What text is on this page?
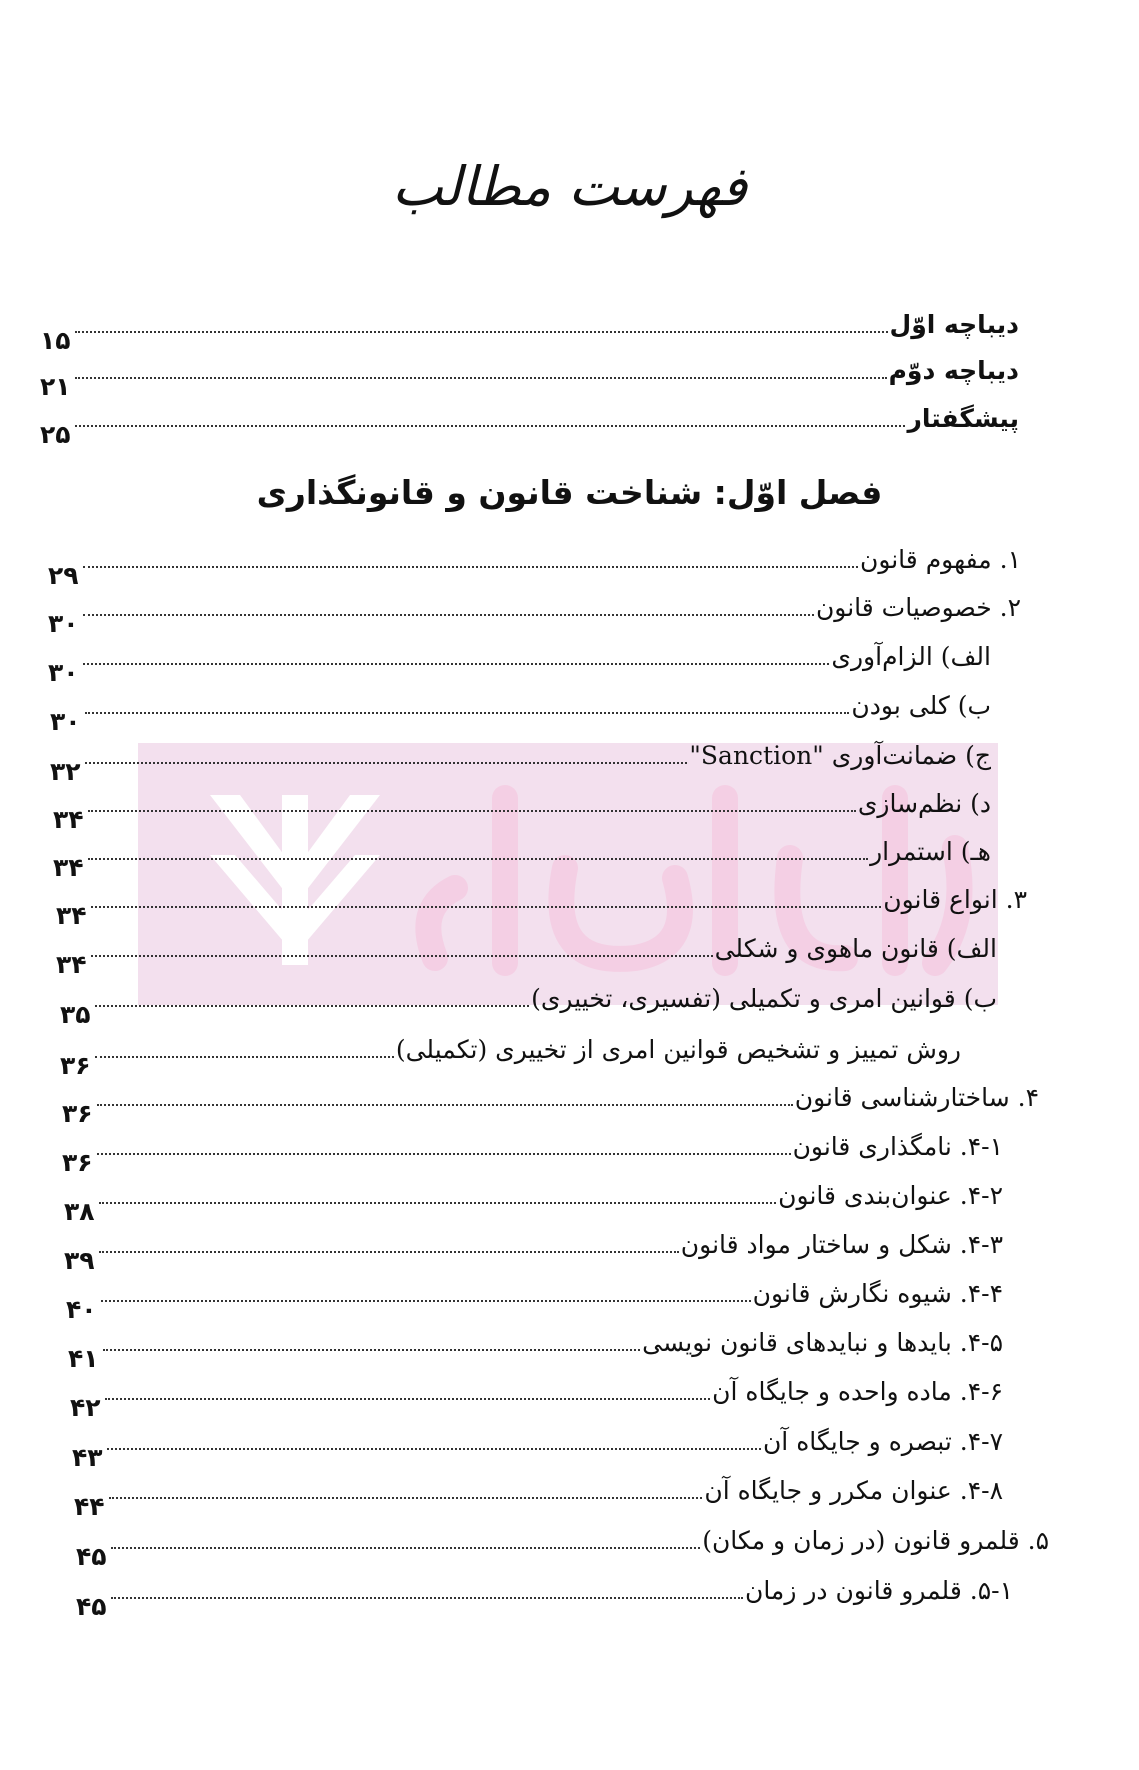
فهرست مطالب
دیباچه اوّل
۱۵
دیباچه دوّم
۲۱
پیشگفتار
۲۵
فصل اوّل: شناخت قانون و قانونگذاری
۱. مفهوم قانون
۲۹
۲. خصوصیات قانون
۳۰
الف) الزام‌آوری
۳۰
ب) کلی بودن
۳۰
ج) ضمانت‌آوری "Sanction"
۳۲
د) نظم‌سازی
۳۴
هـ) استمرار
۳۴
۳. انواع قانون
۳۴
الف) قانون ماهوی و شکلی
۳۴
ب) قوانین امری و تکمیلی (تفسیری، تخییری)
۳۵
روش تمییز و تشخیص قوانین امری از تخییری (تکمیلی)
۳۶
۴. ساختارشناسی قانون
۳۶
۴-۱. نامگذاری قانون
۳۶
۴-۲. عنوان‌بندی قانون
۳۸
۴-۳. شکل و ساختار مواد قانون
۳۹
۴-۴. شیوه نگارش قانون
۴۰
۴-۵. بایدها و نبایدهای قانون نویسی
۴۱
۴-۶. ماده واحده و جایگاه آن
۴۲
۴-۷. تبصره و جایگاه آن
۴۳
۴-۸. عنوان مکرر و جایگاه آن
۴۴
۵. قلمرو قانون (در زمان و مکان)
۴۵
۵-۱. قلمرو قانون در زمان
۴۵
